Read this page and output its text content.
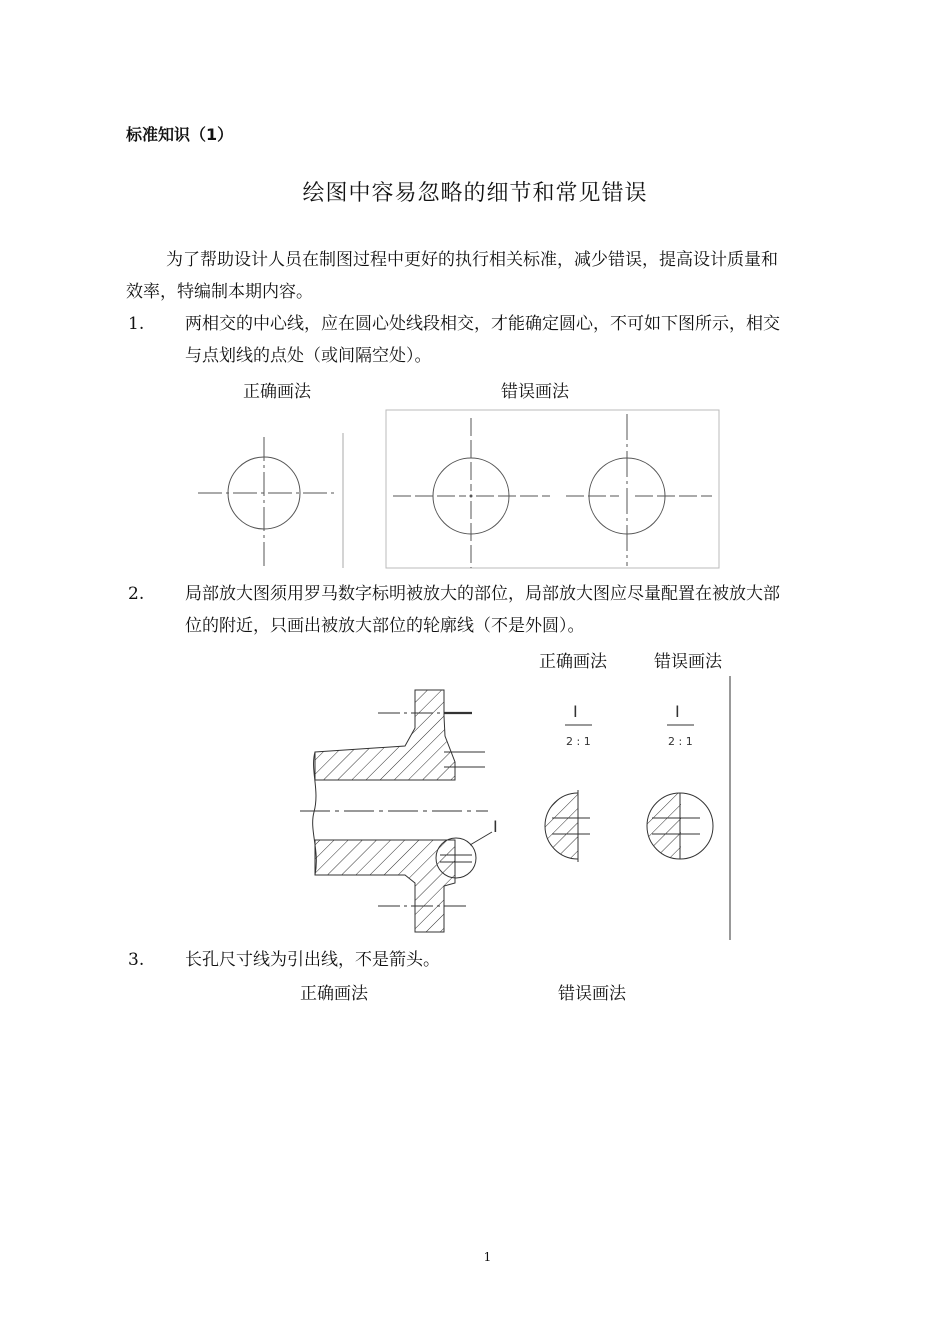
标准知识（1）
绘图中容易忽略的细节和常见错误
为了帮助设计人员在制图过程中更好的执行相关标准，减少错误，提高设计质量和
效率，特编制本期内容。
1. 两相交的中心线，应在圆心处线段相交，才能确定圆心，不可如下图所示，相交
与点划线的点处（或间隔空处）。
正确画法	错误画法
2. 局部放大图须用罗马数字标明被放大的部位，局部放大图应尽量配置在被放大部
位的附近，只画出被放大部位的轮廓线（不是外圆）。
正确画法	错误画法
I
I
2 : 1
I
2 : 1
3. 长孔尺寸线为引出线，不是箭头。
正确画法	错误画法
1
